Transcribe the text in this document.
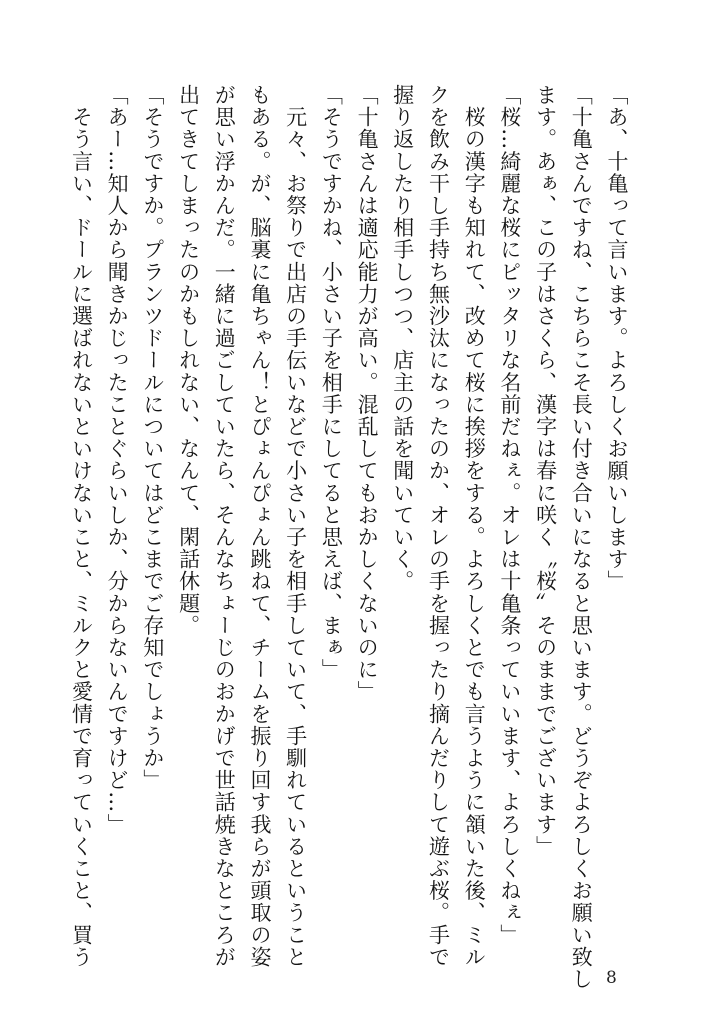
「あ、十亀って言います。よろしくお願いします」
「十亀さんですね、こちらこそ長い付き合いになると思います。どうぞよろしくお願い致し
ます。あぁ、この子はさくら、漢字は春に咲く〝桜〟そのままでございます」
「桜…綺麗な桜にピッタリな名前だねぇ。オレは十亀条っていいます、よろしくねぇ」
　桜の漢字も知れて、改めて桜に挨拶をする。よろしくとでも言うように頷いた後、ミル
クを飲み干し手持ち無沙汰になったのか、オレの手を握ったり摘んだりして遊ぶ桜。手で
握り返したり相手しつつ、店主の話を聞いていく。
「十亀さんは適応能力が高い。混乱してもおかしくないのに」
「そうですかね、小さい子を相手にしてると思えば、まぁ」
　元々、お祭りで出店の手伝いなどで小さい子を相手していて、手馴れているということ
もある。が、脳裏に亀ちゃん！とぴょんぴょん跳ねて、チームを振り回す我らが頭取の姿
が思い浮かんだ。一緒に過ごしていたら、そんなちょーじのおかげで世話焼きなところが
出てきてしまったのかもしれない、なんて、閑話休題。
「そうですか。プランツドールについてはどこまでご存知でしょうか」
「あー…知人から聞きかじったことぐらいしか、分からないんですけど…」
　そう言い、ドールに選ばれないといけないこと、ミルクと愛情で育っていくこと、買う
8
